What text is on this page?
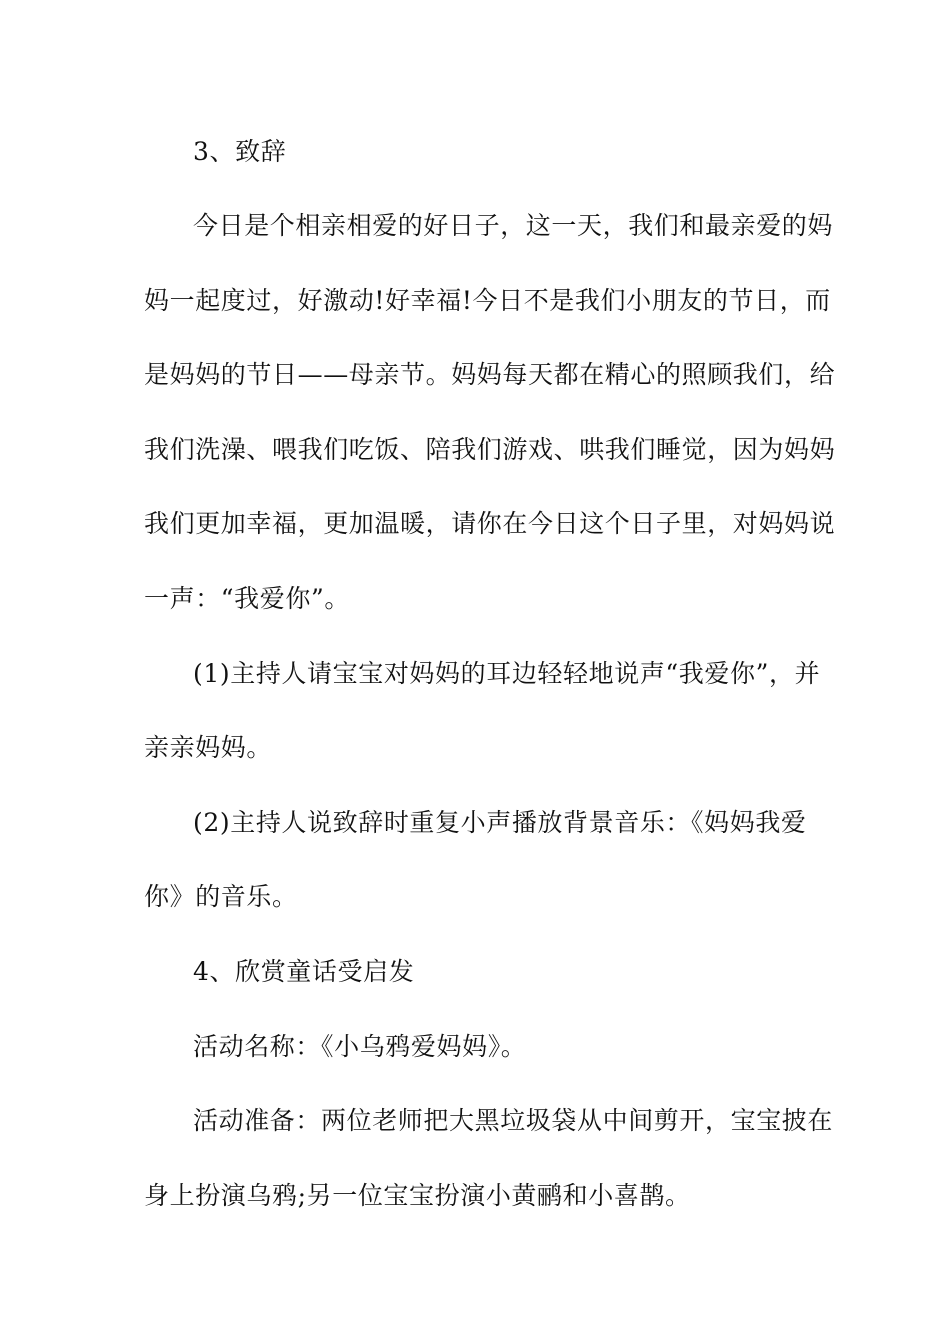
3、致辞
今日是个相亲相爱的好日子，这一天，我们和最亲爱的妈
妈一起度过，好激动!好幸福!今日不是我们小朋友的节日，而
是妈妈的节日——母亲节。妈妈每天都在精心的照顾我们，给
我们洗澡、喂我们吃饭、陪我们游戏、哄我们睡觉，因为妈妈
我们更加幸福，更加温暖，请你在今日这个日子里，对妈妈说
一声：“我爱你”。
(1)主持人请宝宝对妈妈的耳边轻轻地说声“我爱你”，并
亲亲妈妈。
(2)主持人说致辞时重复小声播放背景音乐：《妈妈我爱
你》的音乐。
4、欣赏童话受启发
活动名称：《小乌鸦爱妈妈》。
活动准备：两位老师把大黑垃圾袋从中间剪开，宝宝披在
身上扮演乌鸦;另一位宝宝扮演小黄鹂和小喜鹊。
